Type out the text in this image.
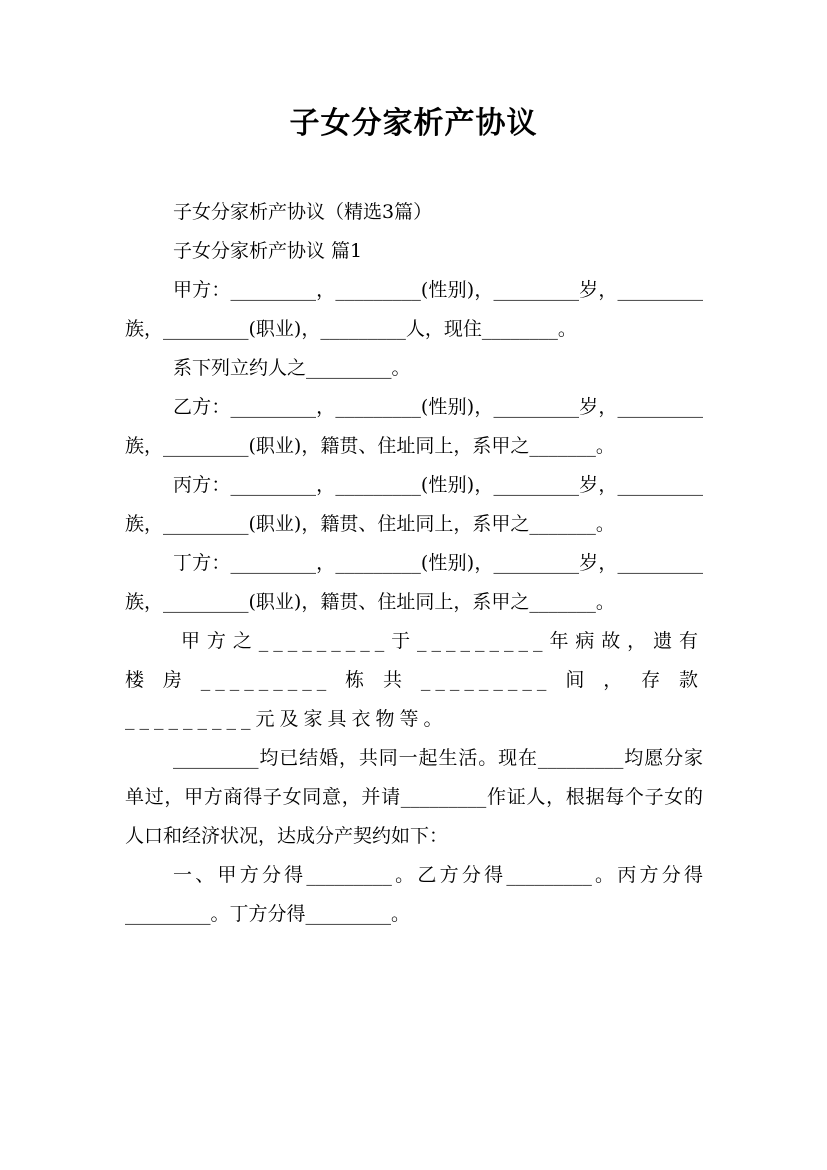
子女分家析产协议

子女分家析产协议（精选3篇）

子女分家析产协议 篇1

甲方：_________，_________(性别)，_________岁，_________族，_________(职业)，_________人，现住________。

系下列立约人之_________。

乙方：_________，_________(性别)，_________岁，_________族，_________(职业)，籍贯、住址同上，系甲之_______。

丙方：_________，_________(性别)，_________岁，_________族，_________(职业)，籍贯、住址同上，系甲之_______。

丁方：_________，_________(性别)，_________岁，_________族，_________(职业)，籍贯、住址同上，系甲之_______。

甲方之_________于_________年病故，遗有楼房_________栋共_________间，存款_________元及家具衣物等。

_________均已结婚，共同一起生活。现在_________均愿分家单过，甲方商得子女同意，并请_________作证人，根据每个子女的人口和经济状况，达成分产契约如下：

一、甲方分得_________。乙方分得_________。丙方分得_________。丁方分得_________。
